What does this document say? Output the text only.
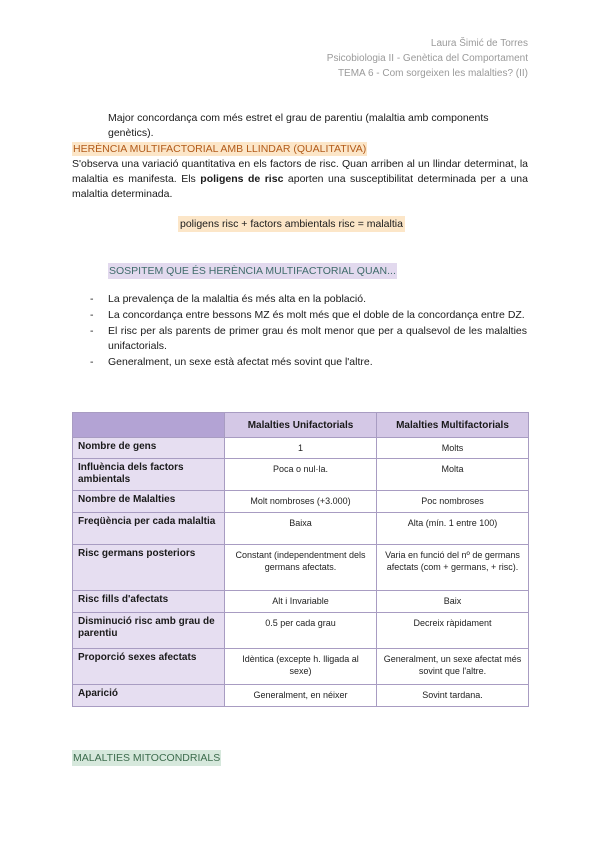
Laura Šimić de Torres
Psicobiologia II - Genètica del Comportament
TEMA 6 - Com sorgeixen les malalties? (II)
Major concordança com més estret el grau de parentiu (malaltia amb components
genètics).
HERÈNCIA MULTIFACTORIAL AMB LLINDAR (QUALITATIVA)
S'observa una variació quantitativa en els factors de risc. Quan arriben al un llindar determinat, la malaltia es manifesta. Els poligens de risc aporten una susceptibilitat determinada per a una malaltia determinada.
poligens risc + factors ambientals risc = malaltia
SOSPITEM QUE ÉS HERÈNCIA MULTIFACTORIAL QUAN...
- La prevalença de la malaltia és més alta en la població.
- La concordança entre bessons MZ és molt més que el doble de la concordança entre DZ.
- El risc per als parents de primer grau és molt menor que per a qualsevol de les malalties unifactorials.
- Generalment, un sexe està afectat més sovint que l'altre.
	Malalties Unifactorials	Malalties Multifactorials
Nombre de gens	1	Molts
Influència dels factors ambientals	Poca o nul·la.	Molta
Nombre de Malalties	Molt nombroses (+3.000)	Poc nombroses
Freqüència per cada malaltia	Baixa	Alta (mín. 1 entre 100)
Risc germans posteriors	Constant (independentment dels germans afectats.	Varia en funció del nº de germans afectats (com + germans, + risc).
Risc fills d'afectats	Alt i Invariable	Baix
Disminució risc amb grau de parentiu	0.5 per cada grau	Decreix ràpidament
Proporció sexes afectats	Idèntica (excepte h. lligada al sexe)	Generalment, un sexe afectat més sovint que l'altre.
Aparició	Generalment, en néixer	Sovint tardana.
MALALTIES MITOCONDRIALS
